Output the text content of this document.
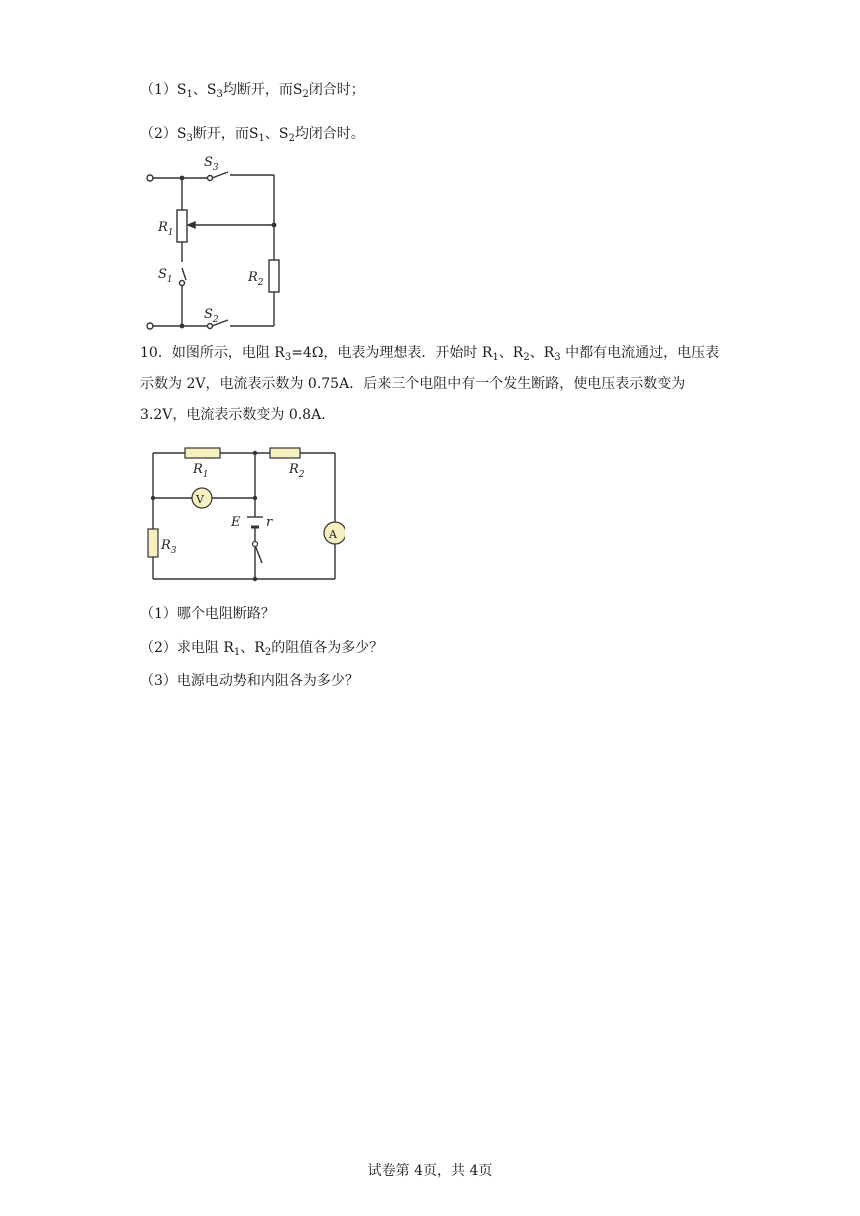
$(1)S_1$、$S_3$均断开，而$S_2$闭合时；
$(2)S_3$断开，而$S_1$、$S_2$均闭合时。
$S_3$
$R_1$
$S_1$	$R_2$
$S_2$
10．如图所示，电阻 $R_3=4\Omega$，电表为理想表．开始时 $R_1$、$R_2$、$R_3$ 中都有电流通过，电压表示数为 2V，电流表示数为 0.75A．后来三个电阻中有一个发生断路，使电压表示数变为 3.2V，电流表示数变为 0.8A．
V
A
$R_1$	$R_2$
$R_3$
E r
（1）哪个电阻断路？
（2）求电阻 $R_1$、$R_2$的阻值各为多少？
（3）电源电动势和内阻各为多少？
试卷第 4页，共 4页
